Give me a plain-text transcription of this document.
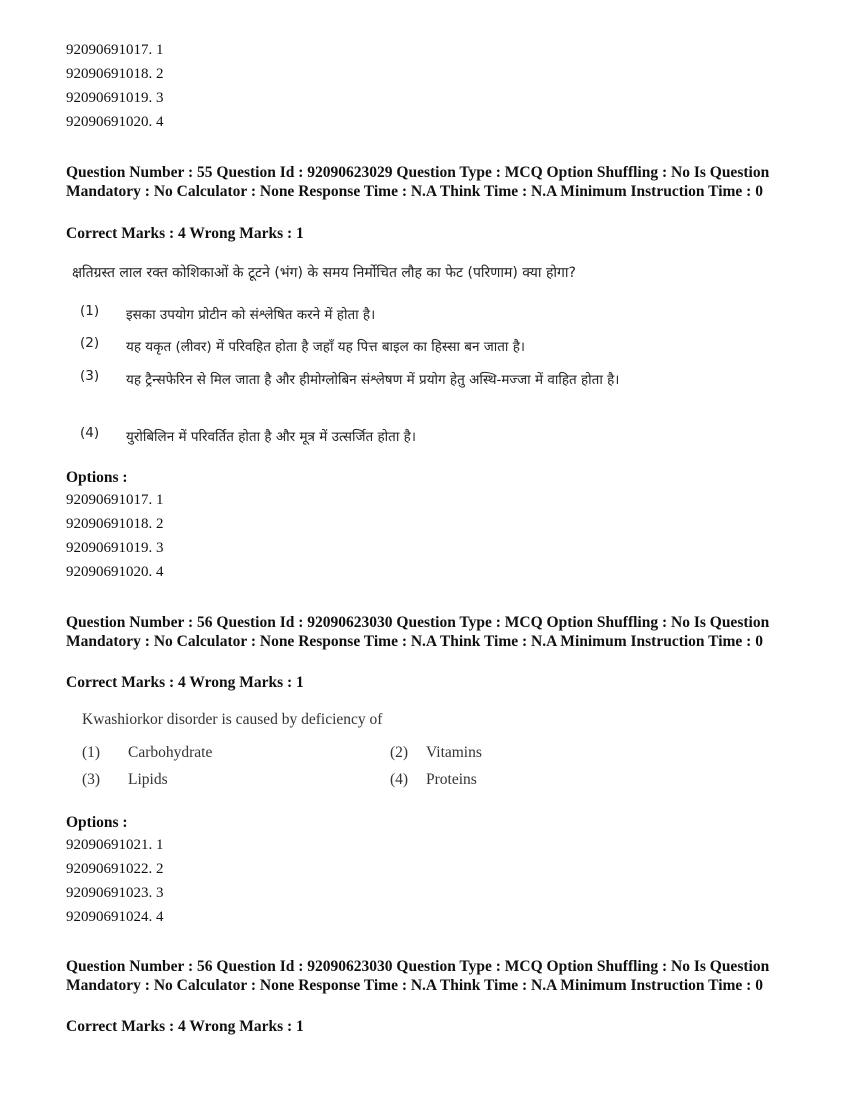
92090691017. 1
92090691018. 2
92090691019. 3
92090691020. 4
Question Number : 55 Question Id : 92090623029 Question Type : MCQ Option Shuffling : No Is Question Mandatory : No Calculator : None Response Time : N.A Think Time : N.A Minimum Instruction Time : 0
Correct Marks : 4 Wrong Marks : 1
क्षतिग्रस्त लाल रक्त कोशिकाओं के टूटने (भंग) के समय निर्मोचित लौह का फेट (परिणाम) क्या होगा?
(1)	इसका उपयोग प्रोटीन को संश्लेषित करने में होता है।
(2)	यह यकृत (लीवर) में परिवहित होता है जहाँ यह पित्त बाइल का हिस्सा बन जाता है।
(3)	यह ट्रैन्सफेरिन से मिल जाता है और हीमोग्लोबिन संश्लेषण में प्रयोग हेतु अस्थि-मज्जा में वाहित होता है।
(4)	युरोबिलिन में परिवर्तित होता है और मूत्र में उत्सर्जित होता है।
Options :
92090691017. 1
92090691018. 2
92090691019. 3
92090691020. 4
Question Number : 56 Question Id : 92090623030 Question Type : MCQ Option Shuffling : No Is Question Mandatory : No Calculator : None Response Time : N.A Think Time : N.A Minimum Instruction Time : 0
Correct Marks : 4 Wrong Marks : 1
Kwashiorkor disorder is caused by deficiency of
(1) Carbohydrate	(2) Vitamins
(3) Lipids	(4) Proteins
Options :
92090691021. 1
92090691022. 2
92090691023. 3
92090691024. 4
Question Number : 56 Question Id : 92090623030 Question Type : MCQ Option Shuffling : No Is Question Mandatory : No Calculator : None Response Time : N.A Think Time : N.A Minimum Instruction Time : 0
Correct Marks : 4 Wrong Marks : 1
